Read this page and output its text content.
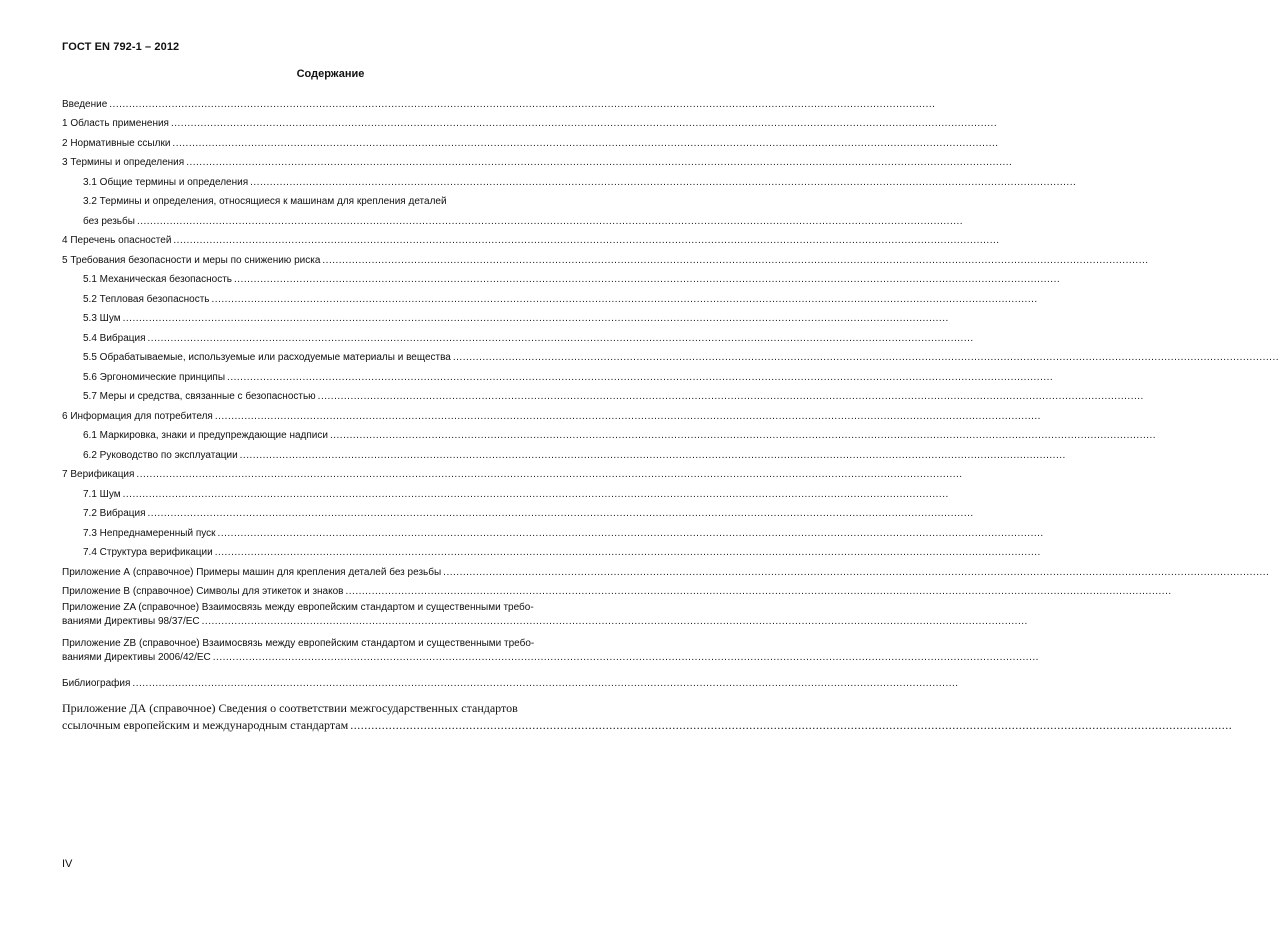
ГОСТ EN 792-1 – 2012
Содержание
Введение ............................................................................................................................................................................................................................................................
1 Область применения ............................................................................................................................................................................................................................................................
2 Нормативные ссылки ............................................................................................................................................................................................................................................................
3 Термины и определения ............................................................................................................................................................................................................................................................
3.1 Общие термины и определения ............................................................................................................................................................................................................................................................
3.2 Термины и определения, относящиеся к машинам для крепления деталей
без резьбы ............................................................................................................................................................................................................................................................
4 Перечень опасностей ............................................................................................................................................................................................................................................................
5 Требования безопасности и меры по снижению риска ............................................................................................................................................................................................................................................................
5.1 Механическая безопасность ............................................................................................................................................................................................................................................................
5.2 Тепловая безопасность ............................................................................................................................................................................................................................................................
5.3 Шум ............................................................................................................................................................................................................................................................
5.4 Вибрация ............................................................................................................................................................................................................................................................
5.5 Обрабатываемые, используемые или расходуемые материалы и вещества ............................................................................................................................................................................................................................................................
5.6 Эргономические принципы ............................................................................................................................................................................................................................................................
5.7 Меры и средства, связанные с безопасностью ............................................................................................................................................................................................................................................................
6 Информация для потребителя ............................................................................................................................................................................................................................................................
6.1 Маркировка, знаки и предупреждающие надписи ............................................................................................................................................................................................................................................................
6.2 Руководство по эксплуатации ............................................................................................................................................................................................................................................................
7 Верификация ............................................................................................................................................................................................................................................................
7.1 Шум ............................................................................................................................................................................................................................................................
7.2 Вибрация ............................................................................................................................................................................................................................................................
7.3 Непреднамеренный пуск ............................................................................................................................................................................................................................................................
7.4 Структура верификации ............................................................................................................................................................................................................................................................
Приложение А (справочное) Примеры машин для крепления деталей без резьбы ............................................................................................................................................................................................................................................................
Приложение В (справочное) Символы для этикеток и знаков ............................................................................................................................................................................................................................................................
Приложение ZA (справочное) Взаимосвязь между европейским стандартом и существенными требо-
ваниями Директивы 98/37/ЕС ............................................................................................................................................................................................................................................................
Приложение ZB (справочное) Взаимосвязь между европейским стандартом и существенными требо-
ваниями Директивы 2006/42/ЕС ............................................................................................................................................................................................................................................................
Библиография ............................................................................................................................................................................................................................................................
Приложение ДА (справочное) Сведения о соответствии межгосударственных стандартов
ссылочным европейским и международным стандартам ............................................................................................................................................................................................................................................................
IV
